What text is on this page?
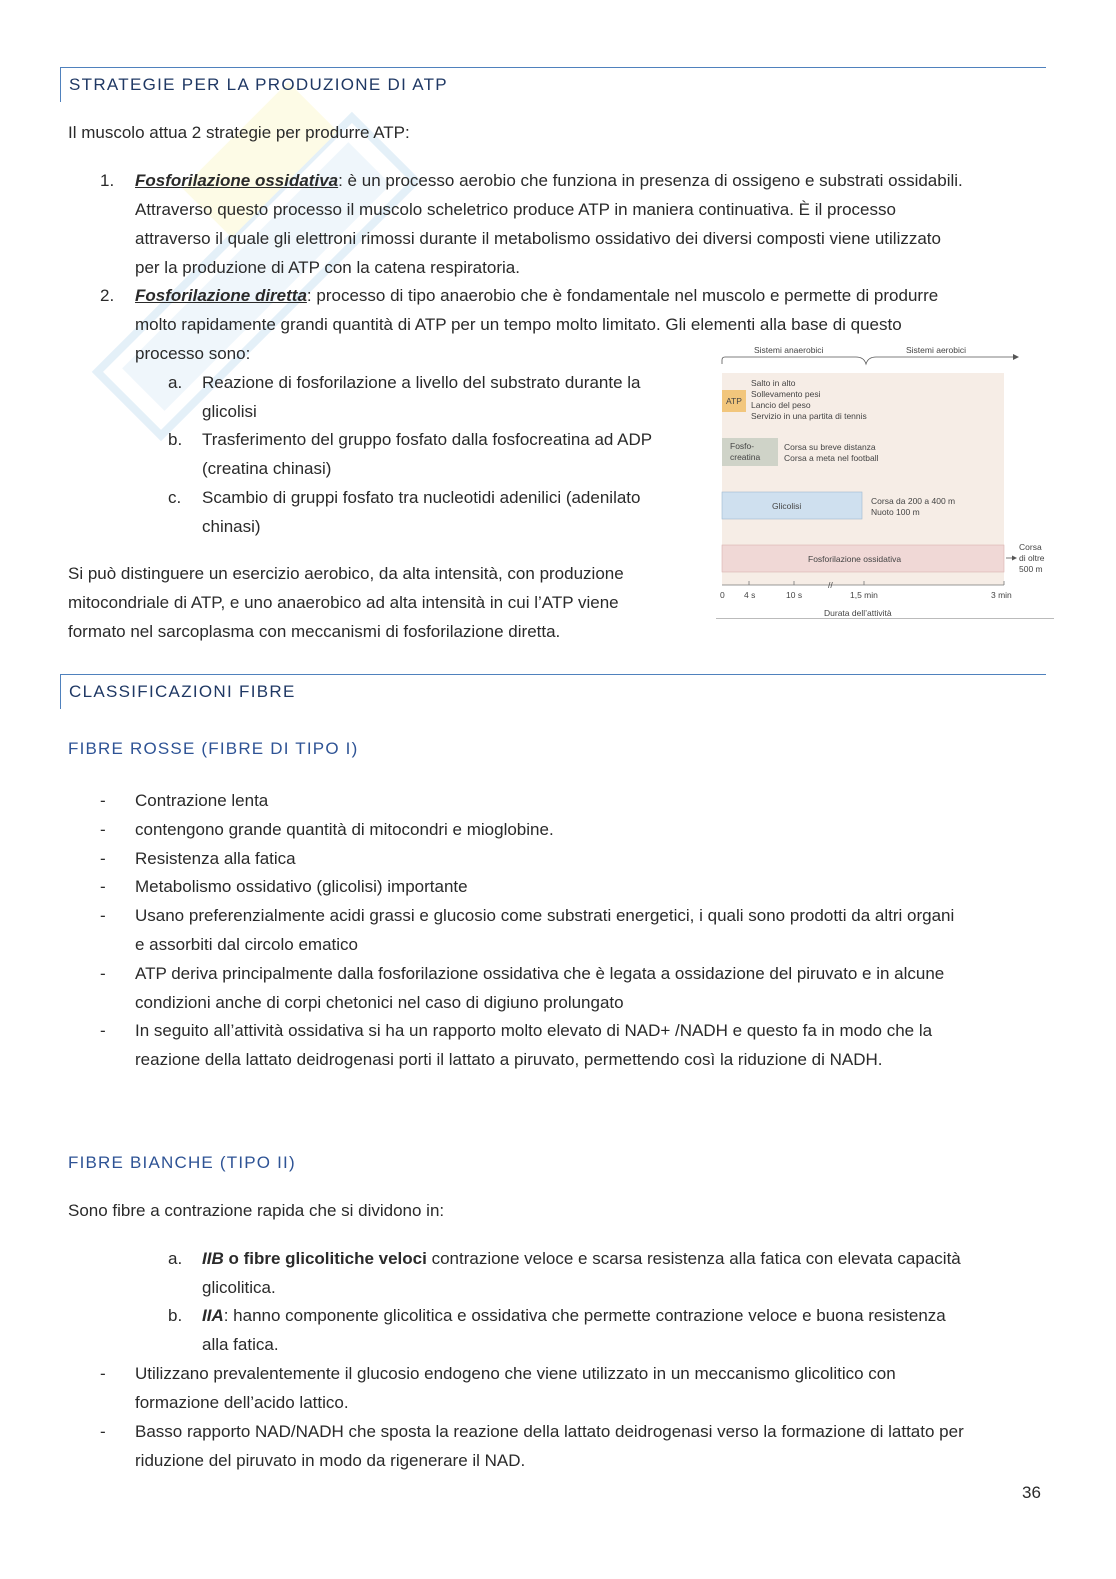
STRATEGIE PER LA PRODUZIONE DI ATP
Il muscolo attua 2 strategie per produrre ATP:
1.	Fosforilazione ossidativa: è un processo aerobio che funziona in presenza di ossigeno e substrati ossidabili.
Attraverso questo processo il muscolo scheletrico produce ATP in maniera continuativa. È il processo
attraverso il quale gli elettroni rimossi durante il metabolismo ossidativo dei diversi composti viene utilizzato
per la produzione di ATP con la catena respiratoria.
2.	Fosforilazione diretta: processo di tipo anaerobio che è fondamentale nel muscolo e permette di produrre
molto rapidamente grandi quantità di ATP per un tempo molto limitato. Gli elementi alla base di questo
processo sono:
a.	Reazione di fosforilazione a livello del substrato durante la
glicolisi
b.	Trasferimento del gruppo fosfato dalla fosfocreatina ad ADP
(creatina chinasi)
c.	Scambio di gruppi fosfato tra nucleotidi adenilici (adenilato
chinasi)
Si può distinguere un esercizio aerobico, da alta intensità, con produzione
mitocondriale di ATP, e uno anaerobico ad alta intensità in cui l’ATP viene
formato nel sarcoplasma con meccanismi di fosforilazione diretta.
Sistemi anaerobici	Sistemi aerobici
ATP
Salto in alto
Sollevamento pesi
Lancio del peso
Servizio in una partita di tennis
Fosfo-
creatina
Corsa su breve distanza
Corsa a meta nel football
Glicolisi	Corsa da 200 a 400 m
Nuoto 100 m
Fosforilazione ossidativa
Corsa
di oltre
500 m
//
0 4 s	10 s	1,5 min	3 min
Durata dell’attività
CLASSIFICAZIONI FIBRE
FIBRE ROSSE (FIBRE DI TIPO I)
-	Contrazione lenta
-	contengono grande quantità di mitocondri e mioglobine.
-	Resistenza alla fatica
-	Metabolismo ossidativo (glicolisi) importante
-	Usano preferenzialmente acidi grassi e glucosio come substrati energetici, i quali sono prodotti da altri organi
e assorbiti dal circolo ematico
-	ATP deriva principalmente dalla fosforilazione ossidativa che è legata a ossidazione del piruvato e in alcune
condizioni anche di corpi chetonici nel caso di digiuno prolungato
-	In seguito all’attività ossidativa si ha un rapporto molto elevato di NAD+ /NADH e questo fa in modo che la
reazione della lattato deidrogenasi porti il lattato a piruvato, permettendo così la riduzione di NADH.
FIBRE BIANCHE (TIPO II)
Sono fibre a contrazione rapida che si dividono in:
a.	IIB o fibre glicolitiche veloci contrazione veloce e scarsa resistenza alla fatica con elevata capacità
glicolitica.
b.	IIA: hanno componente glicolitica e ossidativa che permette contrazione veloce e buona resistenza
alla fatica.
-	Utilizzano prevalentemente il glucosio endogeno che viene utilizzato in un meccanismo glicolitico con
formazione dell’acido lattico.
-	Basso rapporto NAD/NADH che sposta la reazione della lattato deidrogenasi verso la formazione di lattato per
riduzione del piruvato in modo da rigenerare il NAD.
36
